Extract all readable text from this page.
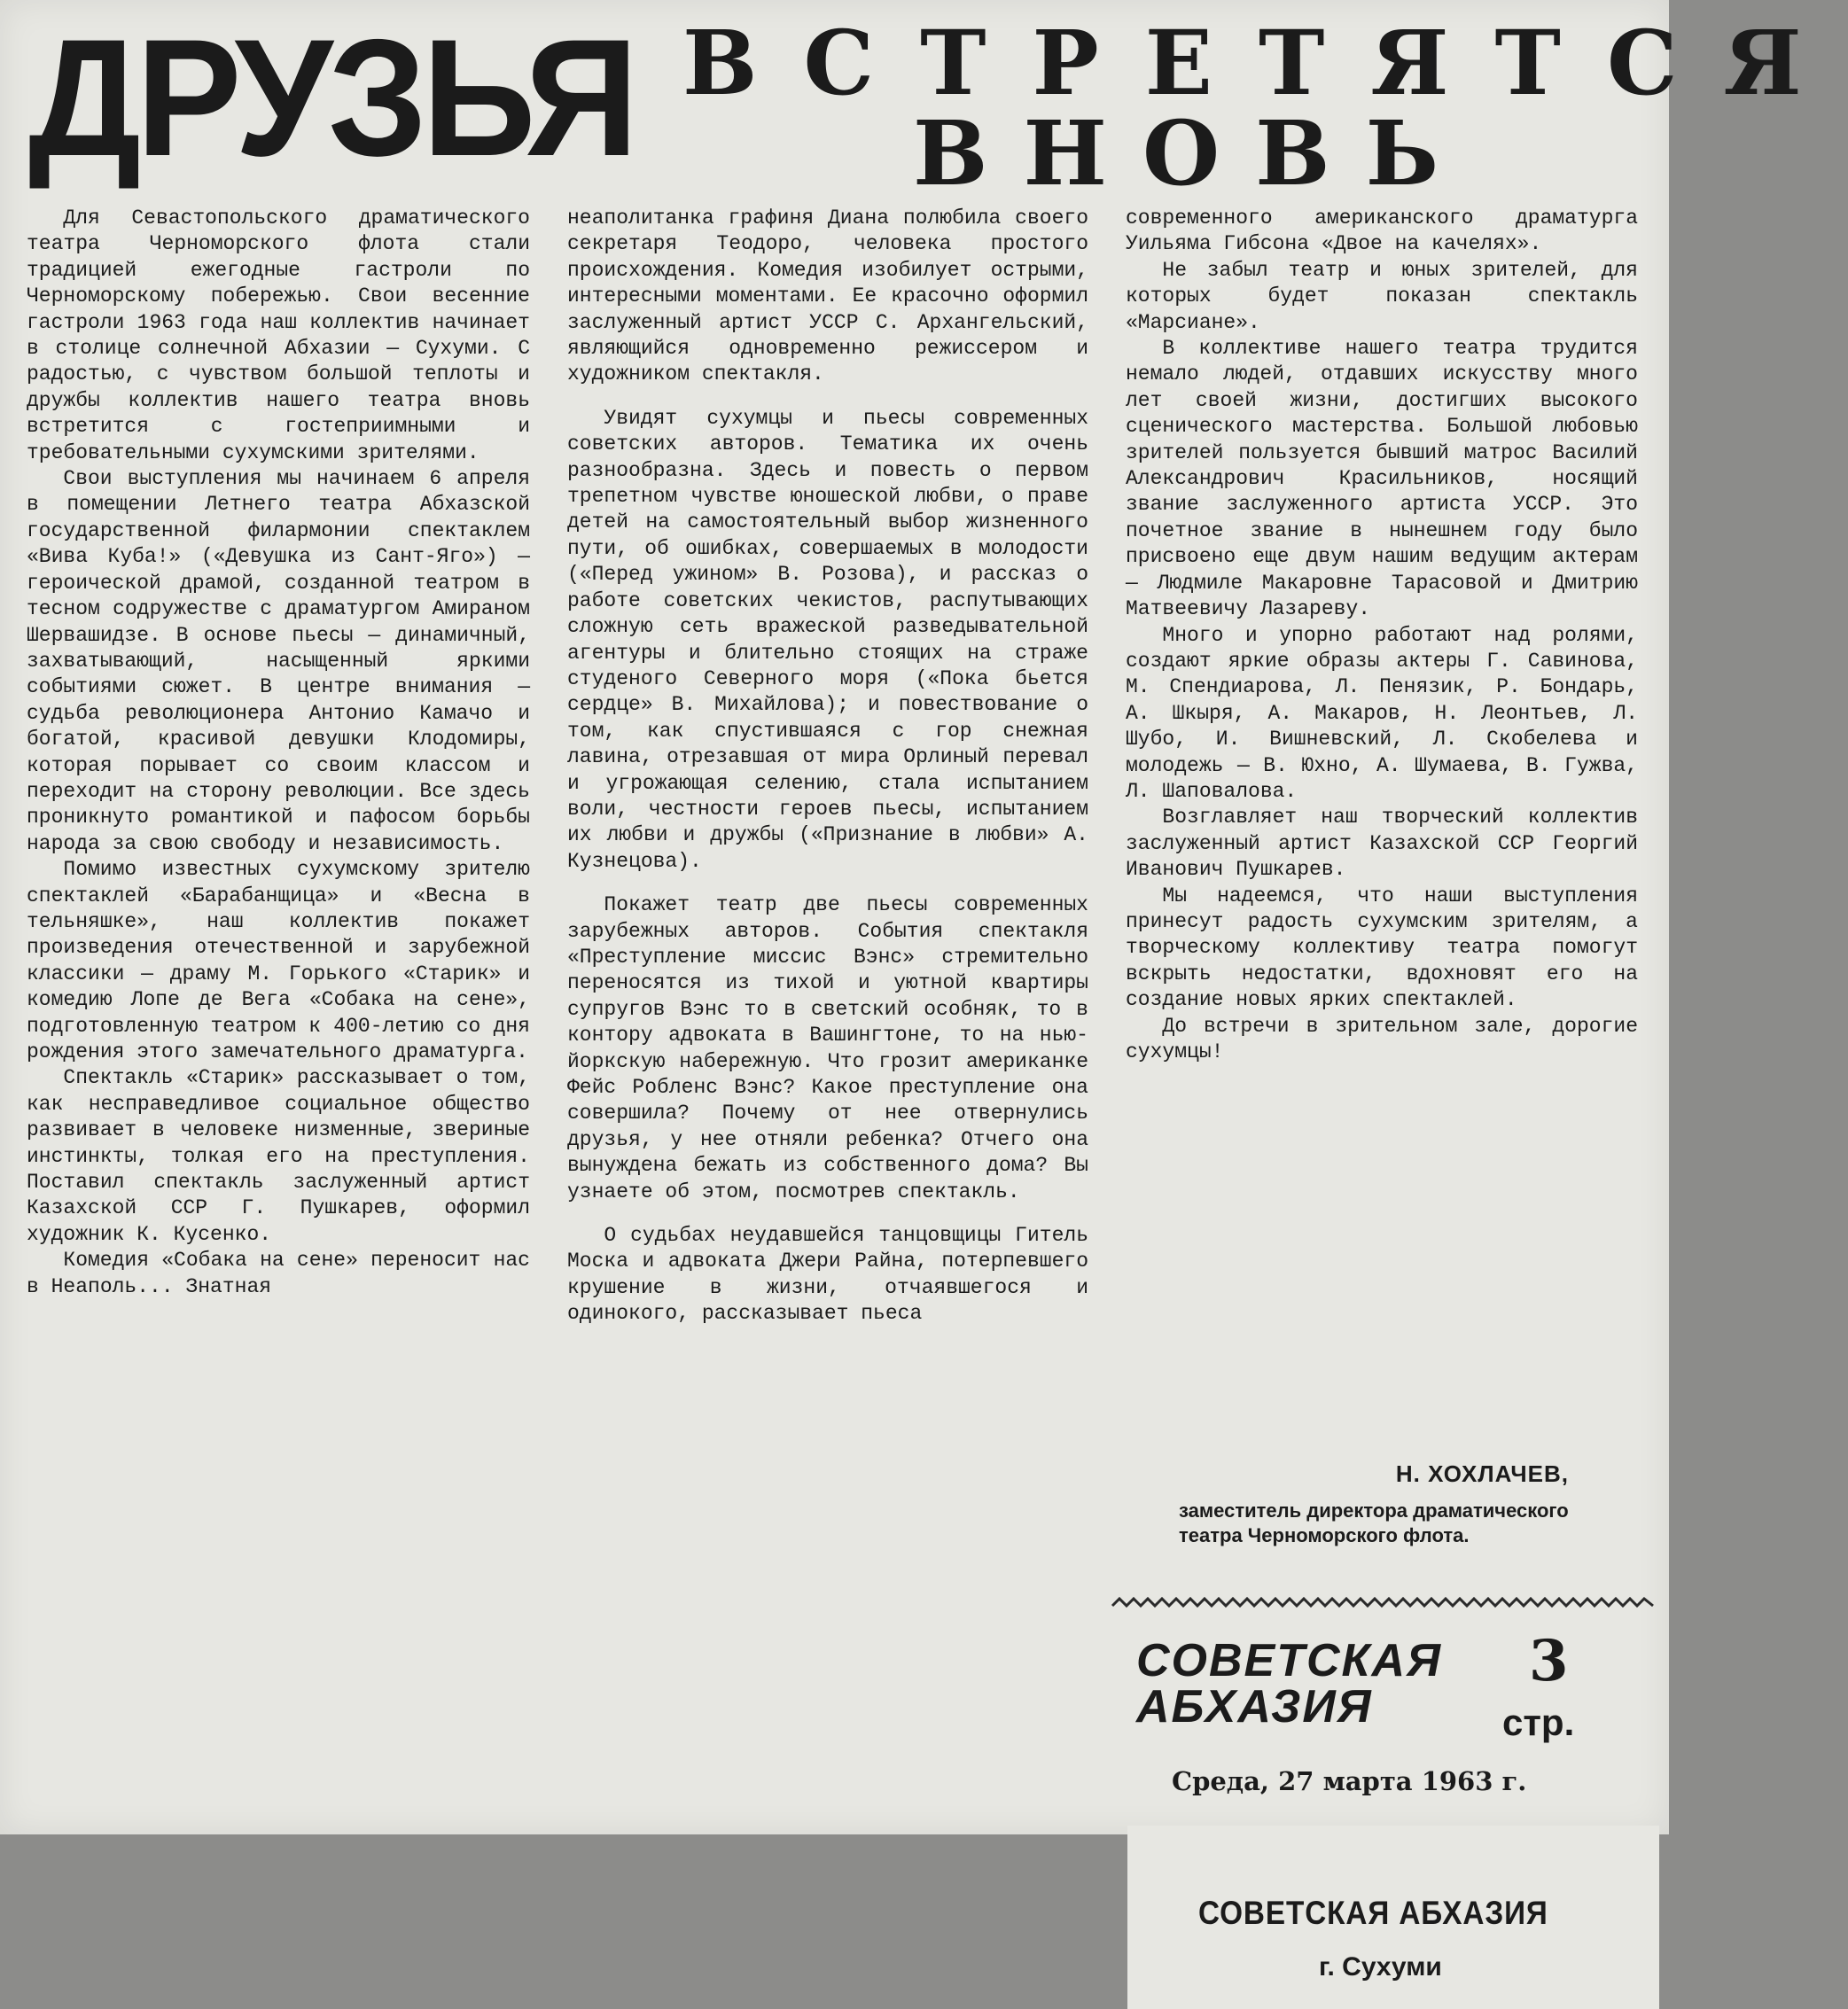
ДРУЗЬЯ ВСТРЕТЯТСЯ
ВНОВЬ

Для Севастопольского драматического театра Черноморского флота стали традицией ежегодные гастроли по Черноморскому побережью. Свои весенние гастроли 1963 года наш коллектив начинает в столице солнечной Абхазии — Сухуми. С радостью, с чувством большой теплоты и дружбы коллектив нашего театра вновь встретится с гостеприимными и требовательными сухумскими зрителями.

Свои выступления мы начинаем 6 апреля в помещении Летнего театра Абхазской государственной филармонии спектаклем «Вива Куба!» («Девушка из Сант-Яго») — героической драмой, созданной театром в тесном содружестве с драматургом Амираном Шервашидзе. В основе пьесы — динамичный, захватывающий, насыщенный яркими событиями сюжет. В центре внимания — судьба революционера Антонио Камачо и богатой, красивой девушки Клодомиры, которая порывает со своим классом и переходит на сторону революции. Все здесь проникнуто романтикой и пафосом борьбы народа за свою свободу и независимость.

Помимо известных сухумскому зрителю спектаклей «Барабанщица» и «Весна в тельняшке», наш коллектив покажет произведения отечественной и зарубежной классики — драму М. Горького «Старик» и комедию Лопе де Вега «Собака на сене», подготовленную театром к 400-летию со дня рождения этого замечательного драматурга.

Спектакль «Старик» рассказывает о том, как несправедливое социальное общество развивает в человеке низменные, звериные инстинкты, толкая его на преступления. Поставил спектакль заслуженный артист Казахской ССР Г. Пушкарев, оформил художник К. Кусенко.

Комедия «Собака на сене» переносит нас в Неаполь... Знатная

неаполитанка графиня Диана полюбила своего секретаря Теодоро, человека простого происхождения. Комедия изобилует острыми, интересными моментами. Ее красочно оформил заслуженный артист УССР С. Архангельский, являющийся одновременно режиссером и художником спектакля.

Увидят сухумцы и пьесы современных советских авторов. Тематика их очень разнообразна. Здесь и повесть о первом трепетном чувстве юношеской любви, о праве детей на самостоятельный выбор жизненного пути, об ошибках, совершаемых в молодости («Перед ужином» В. Розова), и рассказ о работе советских чекистов, распутывающих сложную сеть вражеской разведывательной агентуры и блительно стоящих на страже студеного Северного моря («Пока бьется сердце» В. Михайлова); и повествование о том, как спустившаяся с гор снежная лавина, отрезавшая от мира Орлиный перевал и угрожающая селению, стала испытанием воли, честности героев пьесы, испытанием их любви и дружбы («Признание в любви» А. Кузнецова).

Покажет театр две пьесы современных зарубежных авторов. События спектакля «Преступление миссис Вэнс» стремительно переносятся из тихой и уютной квартиры супругов Вэнс то в светский особняк, то в контору адвоката в Вашингтоне, то на нью-йоркскую набережную. Что грозит американке Фейс Робленс Вэнс? Какое преступление она совершила? Почему от нее отвернулись друзья, у нее отняли ребенка? Отчего она вынуждена бежать из собственного дома? Вы узнаете об этом, посмотрев спектакль.

О судьбах неудавшейся танцовщицы Гитель Моска и адвоката Джери Райна, потерпевшего крушение в жизни, отчаявшегося и одинокого, рассказывает пьеса

современного американского драматурга Уильяма Гибсона «Двое на качелях».

Не забыл театр и юных зрителей, для которых будет показан спектакль «Марсиане».

В коллективе нашего театра трудится немало людей, отдавших искусству много лет своей жизни, достигших высокого сценического мастерства. Большой любовью зрителей пользуется бывший матрос Василий Александрович Красильников, носящий звание заслуженного артиста УССР. Это почетное звание в нынешнем году было присвоено еще двум нашим ведущим актерам — Людмиле Макаровне Тарасовой и Дмитрию Матвеевичу Лазареву.

Много и упорно работают над ролями, создают яркие образы актеры Г. Савинова, М. Спендиарова, Л. Пенязик, Р. Бондарь, А. Шкыря, А. Макаров, Н. Леонтьев, Л. Шубо, И. Вишневский, Л. Скобелева и молодежь — В. Юхно, А. Шумаева, В. Гужва, Л. Шаповалова.

Возглавляет наш творческий коллектив заслуженный артист Казахской ССР Георгий Иванович Пушкарев.

Мы надеемся, что наши выступления принесут радость сухумским зрителям, а творческому коллективу театра помогут вскрыть недостатки, вдохновят его на создание новых ярких спектаклей.

До встречи в зрительном зале, дорогие сухумцы!

Н. ХОХЛАЧЕВ,
заместитель директора драматического театра Черноморского флота.
СОВЕТСКАЯ
АБХАЗИЯ
3
стр.
Среда, 27 марта 1963 г.
СОВЕТСКАЯ АБХАЗИЯ
г. Сухуми
